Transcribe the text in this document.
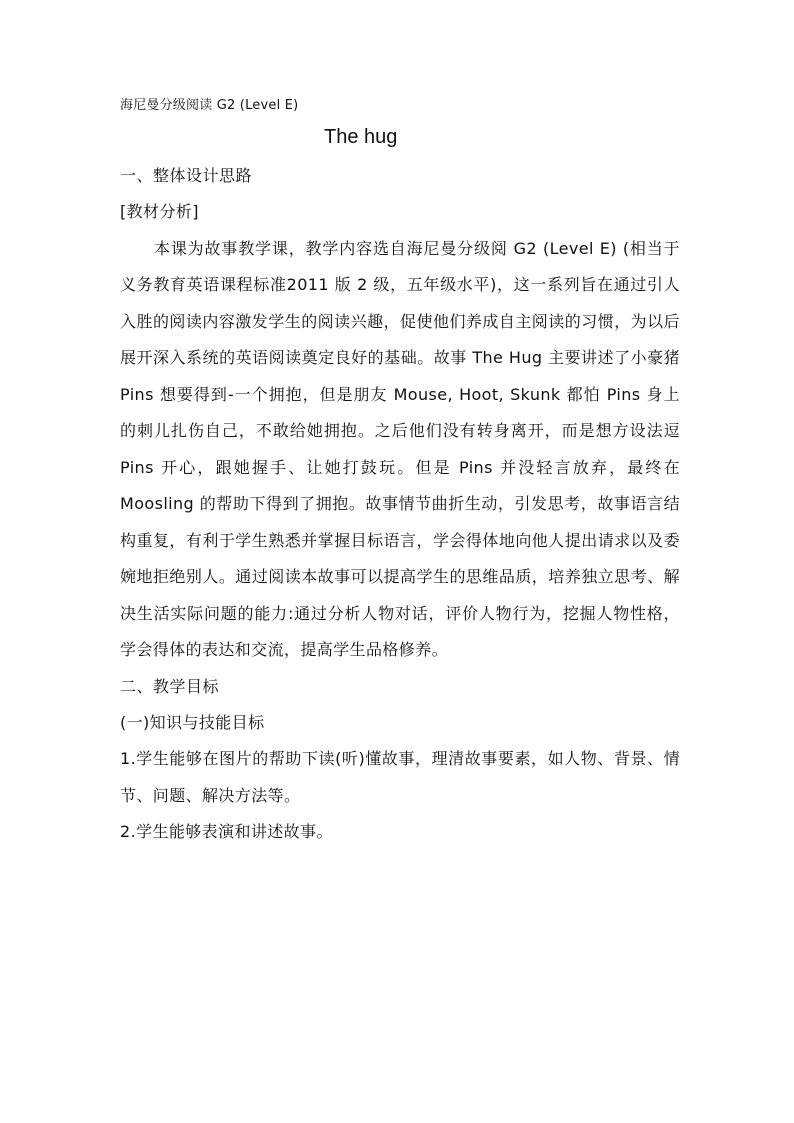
海尼曼分级阅读 G2 (Level E)

The hug
一、整体设计思路

[教材分析]

本课为故事教学课，教学内容选自海尼曼分级阅 G2 (Level E) (相当于义务教育英语课程标准2011 版 2 级，五年级水平)，这一系列旨在通过引人入胜的阅读内容激发学生的阅读兴趣，促使他们养成自主阅读的习惯，为以后展开深入系统的英语阅读奠定良好的基础。故事 The Hug 主要讲述了小豪猪 Pins 想要得到-一个拥抱，但是朋友 Mouse, Hoot, Skunk 都怕 Pins 身上的刺儿扎伤自己，不敢给她拥抱。之后他们没有转身离开，而是想方设法逗 Pins 开心，跟她握手、让她打鼓玩。但是 Pins 并没轻言放弃，最终在 Moosling 的帮助下得到了拥抱。故事情节曲折生动，引发思考，故事语言结构重复，有利于学生熟悉并掌握目标语言，学会得体地向他人提出请求以及委婉地拒绝别人。通过阅读本故事可以提高学生的思维品质，培养独立思考、解决生活实际问题的能力:通过分析人物对话，评价人物行为，挖掘人物性格，学会得体的表达和交流，提高学生品格修养。

二、教学目标

(一)知识与技能目标

1.学生能够在图片的帮助下读(听)懂故事，理清故事要素，如人物、背景、情节、问题、解决方法等。

2.学生能够表演和讲述故事。
